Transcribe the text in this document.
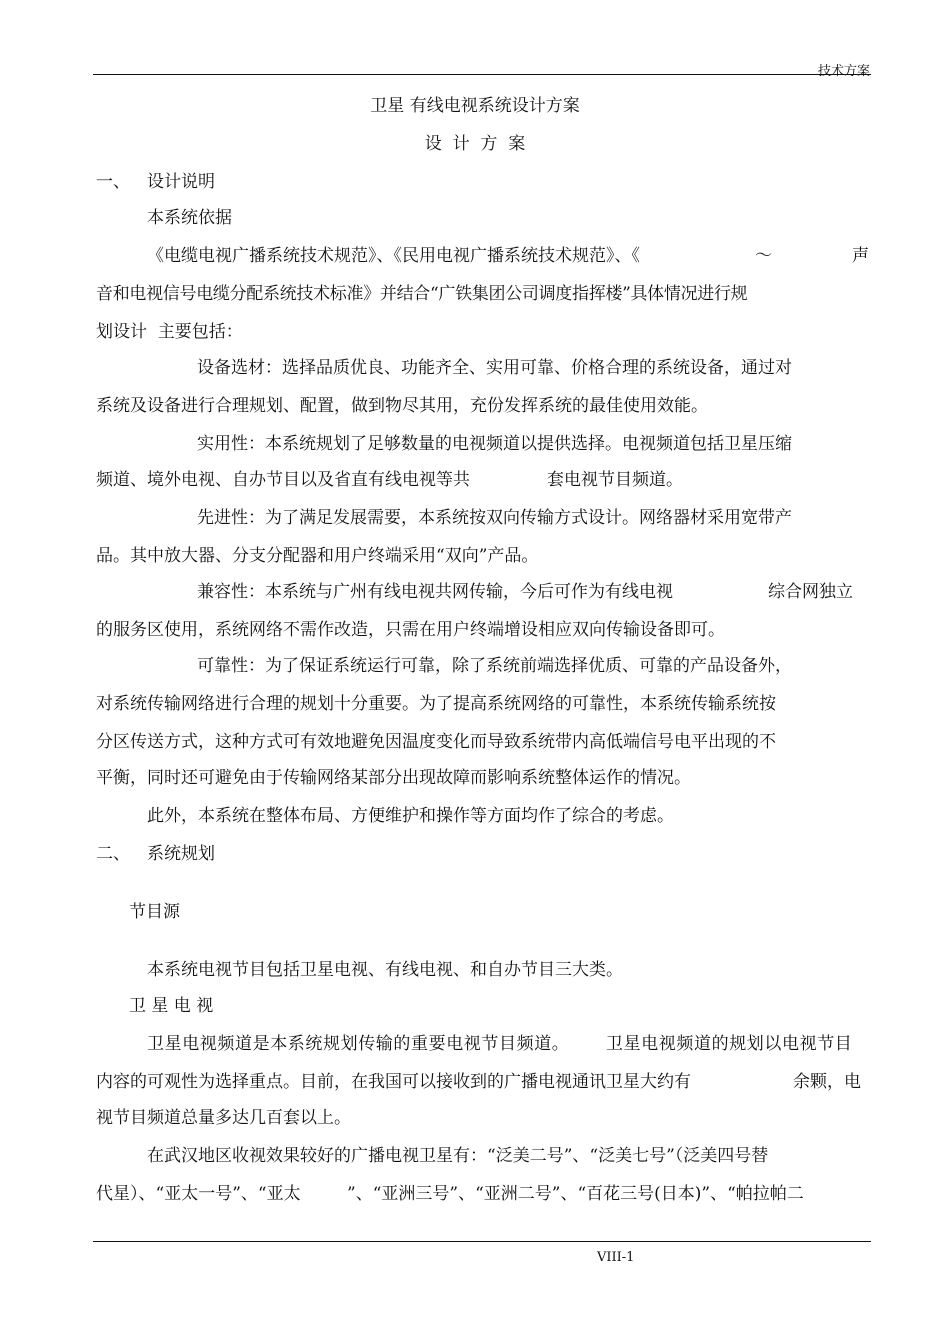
技术方案
卫星 有线电视系统设计方案
设  计  方  案
一、 设计说明
本系统依据
《电缆电视广播系统技术规范》、《民用电视广播系统技术规范》、《	～	声
音和电视信号电缆分配系统技术标准》并结合“广铁集团公司调度指挥楼”具体情况进行规
划设计  主要包括：
设备选材：选择品质优良、功能齐全、实用可靠、价格合理的系统设备，通过对
系统及设备进行合理规划、配置，做到物尽其用，充份发挥系统的最佳使用效能。
实用性：本系统规划了足够数量的电视频道以提供选择。电视频道包括卫星压缩
频道、境外电视、自办节目以及省直有线电视等共	套电视节目频道。
先进性：为了满足发展需要，本系统按双向传输方式设计。网络器材采用宽带产
品。其中放大器、分支分配器和用户终端采用“双向”产品。
兼容性：本系统与广州有线电视共网传输，今后可作为有线电视	综合网独立
的服务区使用，系统网络不需作改造，只需在用户终端增设相应双向传输设备即可。
可靠性：为了保证系统运行可靠，除了系统前端选择优质、可靠的产品设备外，
对系统传输网络进行合理的规划十分重要。为了提高系统网络的可靠性，本系统传输系统按
分区传送方式，这种方式可有效地避免因温度变化而导致系统带内高低端信号电平出现的不
平衡，同时还可避免由于传输网络某部分出现故障而影响系统整体运作的情况。
此外，本系统在整体布局、方便维护和操作等方面均作了综合的考虑。
二、 系统规划
节目源
本系统电视节目包括卫星电视、有线电视、和自办节目三大类。
卫 星 电 视
卫星电视频道是本系统规划传输的重要电视节目频道。 卫星电视频道的规划以电视节目
内容的可观性为选择重点。目前，在我国可以接收到的广播电视通讯卫星大约有	余颗，电
视节目频道总量多达几百套以上。
在武汉地区收视效果较好的广播电视卫星有：“泛美二号”、“泛美七号”（泛美四号替
代星）、“亚太一号”、“亚太	”、“亚洲三号”、“亚洲二号”、“百花三号(日本)”、“帕拉帕二
VIII-1
